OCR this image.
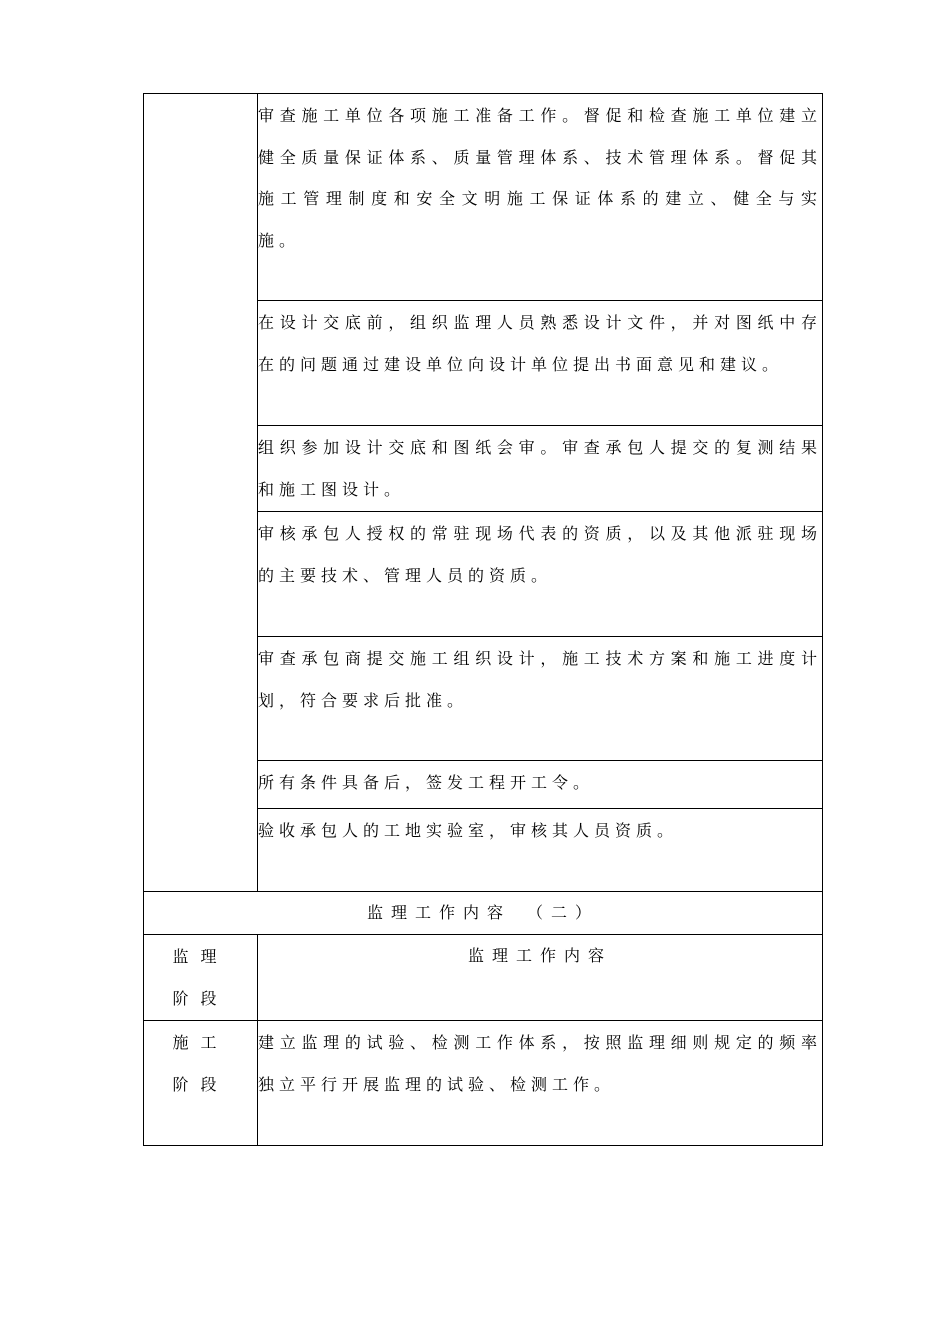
	审查施工单位各项施工准备工作。督促和检查施工单位建立健全质量保证体系、质量管理体系、技术管理体系。督促其施工管理制度和安全文明施工保证体系的建立、健全与实施。

	在设计交底前，组织监理人员熟悉设计文件，并对图纸中存在的问题通过建设单位向设计单位提出书面意见和建议。

	组织参加设计交底和图纸会审。审查承包人提交的复测结果和施工图设计。

	审核承包人授权的常驻现场代表的资质，以及其他派驻现场的主要技术、管理人员的资质。

	审查承包商提交施工组织设计，施工技术方案和施工进度计划，符合要求后批准。

	所有条件具备后，签发工程开工令。

	验收承包人的工地实验室，审核其人员资质。

监理工作内容　（二）	

监理
阶段	监理工作内容

施工
阶段	建立监理的试验、检测工作体系，按照监理细则规定的频率独立平行开展监理的试验、检测工作。
